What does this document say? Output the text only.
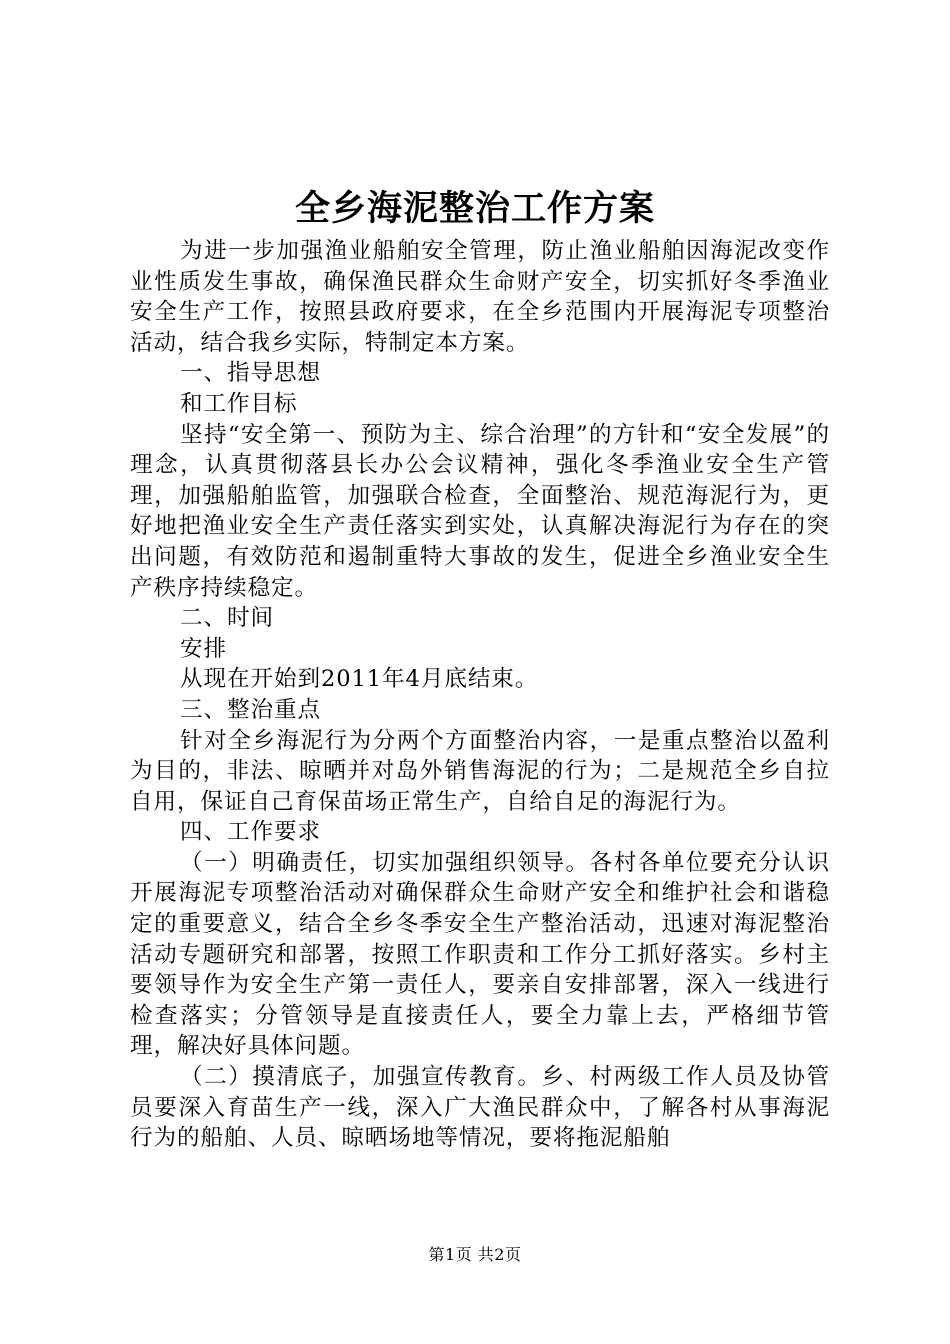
全乡海泥整治工作方案

为进一步加强渔业船舶安全管理，防止渔业船舶因海泥改变作业性质发生事故，确保渔民群众生命财产安全，切实抓好冬季渔业安全生产工作，按照县政府要求，在全乡范围内开展海泥专项整治活动，结合我乡实际，特制定本方案。

一、指导思想

和工作目标

坚持“安全第一、预防为主、综合治理”的方针和“安全发展”的理念，认真贯彻落县长办公会议精神，强化冬季渔业安全生产管理，加强船舶监管，加强联合检查，全面整治、规范海泥行为，更好地把渔业安全生产责任落实到实处，认真解决海泥行为存在的突出问题，有效防范和遏制重特大事故的发生，促进全乡渔业安全生产秩序持续稳定。

二、时间

安排

从现在开始到2011年4月底结束。

三、整治重点

针对全乡海泥行为分两个方面整治内容，一是重点整治以盈利为目的，非法、晾晒并对岛外销售海泥的行为；二是规范全乡自拉自用，保证自己育保苗场正常生产，自给自足的海泥行为。

四、工作要求

（一）明确责任，切实加强组织领导。各村各单位要充分认识开展海泥专项整治活动对确保群众生命财产安全和维护社会和谐稳定的重要意义，结合全乡冬季安全生产整治活动，迅速对海泥整治活动专题研究和部署，按照工作职责和工作分工抓好落实。乡村主要领导作为安全生产第一责任人，要亲自安排部署，深入一线进行检查落实；分管领导是直接责任人，要全力靠上去，严格细节管理，解决好具体问题。

（二）摸清底子，加强宣传教育。乡、村两级工作人员及协管员要深入育苗生产一线，深入广大渔民群众中，了解各村从事海泥行为的船舶、人员、晾晒场地等情况，要将拖泥船舶

第1页 共2页
